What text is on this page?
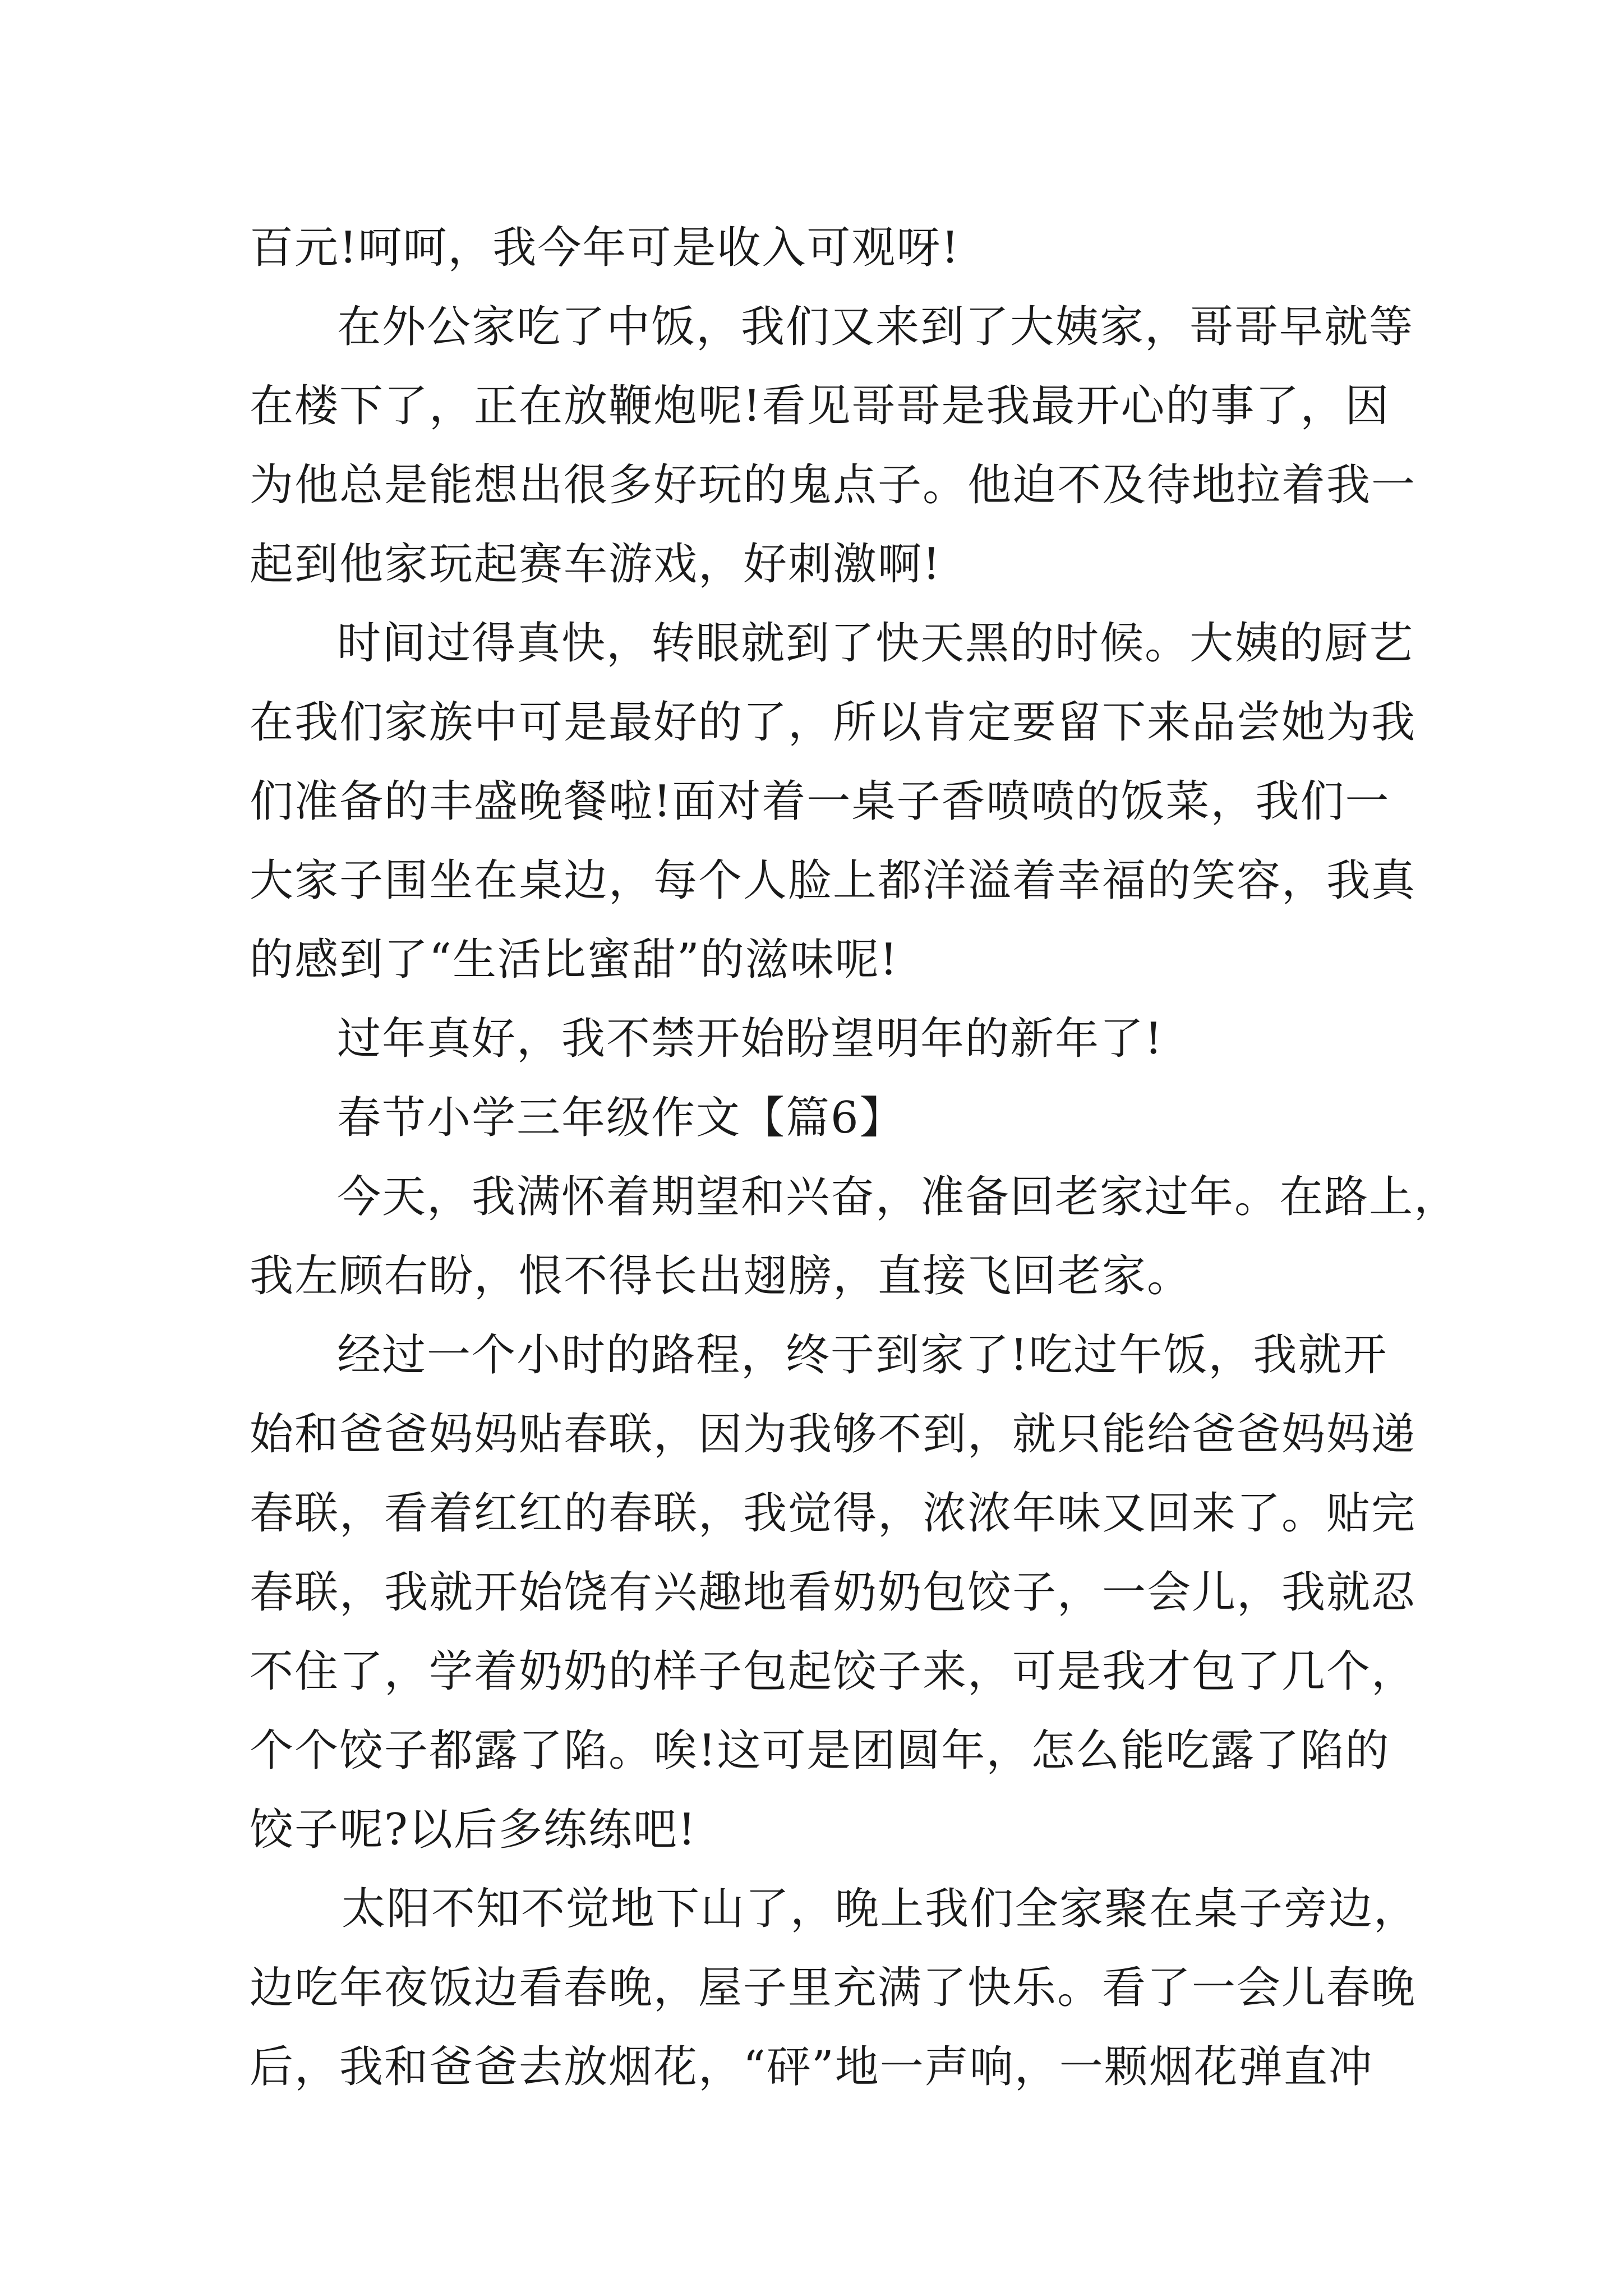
百元!呵呵，我今年可是收入可观呀!
在外公家吃了中饭，我们又来到了大姨家，哥哥早就等
在楼下了，正在放鞭炮呢!看见哥哥是我最开心的事了，因
为他总是能想出很多好玩的鬼点子。他迫不及待地拉着我一
起到他家玩起赛车游戏，好刺激啊!
时间过得真快，转眼就到了快天黑的时候。大姨的厨艺
在我们家族中可是最好的了，所以肯定要留下来品尝她为我
们准备的丰盛晚餐啦!面对着一桌子香喷喷的饭菜，我们一
大家子围坐在桌边，每个人脸上都洋溢着幸福的笑容，我真
的感到了“生活比蜜甜”的滋味呢!
过年真好，我不禁开始盼望明年的新年了!
春节小学三年级作文【篇6】
今天，我满怀着期望和兴奋，准备回老家过年。在路上，
我左顾右盼，恨不得长出翅膀，直接飞回老家。
经过一个小时的路程，终于到家了!吃过午饭，我就开
始和爸爸妈妈贴春联，因为我够不到，就只能给爸爸妈妈递
春联，看着红红的春联，我觉得，浓浓年味又回来了。贴完
春联，我就开始饶有兴趣地看奶奶包饺子，一会儿，我就忍
不住了，学着奶奶的样子包起饺子来，可是我才包了几个，
个个饺子都露了陷。唉!这可是团圆年，怎么能吃露了陷的
饺子呢?以后多练练吧!
太阳不知不觉地下山了，晚上我们全家聚在桌子旁边，
边吃年夜饭边看春晚，屋子里充满了快乐。看了一会儿春晚
后，我和爸爸去放烟花，“砰”地一声响，一颗烟花弹直冲
